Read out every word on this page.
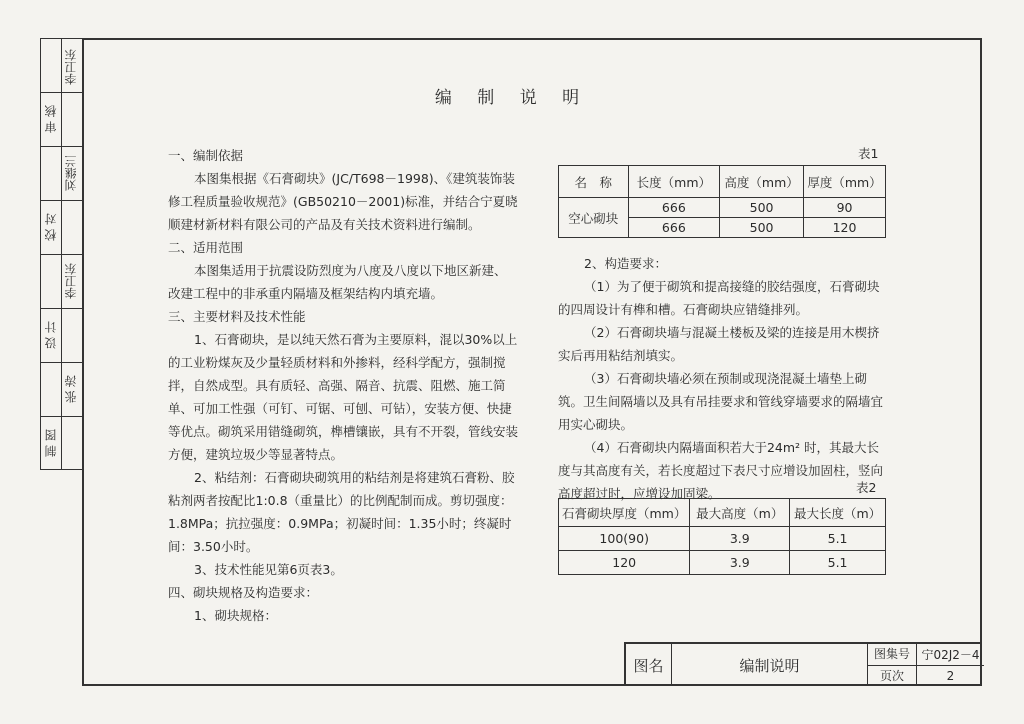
李卫东
审 核
刘继兰
校 对
李卫东
设 计
张 涛
制 图
编 制 说 明

一、编制依据

本图集根据《石膏砌块》(JC/T698－1998)、《建筑装饰装修工程质量验收规范》(GB50210－2001)标准，并结合宁夏晓顺建材新材料有限公司的产品及有关技术资料进行编制。

二、适用范围

本图集适用于抗震设防烈度为八度及八度以下地区新建、改建工程中的非承重内隔墙及框架结构内填充墙。

三、主要材料及技术性能

1、石膏砌块，是以纯天然石膏为主要原料，混以30%以上的工业粉煤灰及少量轻质材料和外掺料，经科学配方，强制搅拌，自然成型。具有质轻、高强、隔音、抗震、阻燃、施工简单、可加工性强（可钉、可锯、可刨、可钻），安装方便、快捷等优点。砌筑采用错缝砌筑，榫槽镶嵌，具有不开裂，管线安装方便，建筑垃圾少等显著特点。

2、粘结剂：石膏砌块砌筑用的粘结剂是将建筑石膏粉、胶粘剂两者按配比1:0.8（重量比）的比例配制而成。剪切强度：1.8MPa；抗拉强度：0.9MPa；初凝时间：1.35小时；终凝时间：3.50小时。

3、技术性能见第6页表3。

四、砌块规格及构造要求：

1、砌块规格：

表1
名　称	长度（mm）	高度（mm）	厚度（mm）
空心砌块	666	500	90
	666	500	120

2、构造要求：

（1）为了便于砌筑和提高接缝的胶结强度，石膏砌块的四周设计有榫和槽。石膏砌块应错缝排列。

（2）石膏砌块墙与混凝土楼板及梁的连接是用木楔挤实后再用粘结剂填实。

（3）石膏砌块墙必须在预制或现浇混凝土墙垫上砌筑。卫生间隔墙以及具有吊挂要求和管线穿墙要求的隔墙宜用实心砌块。

（4）石膏砌块内隔墙面积若大于24m² 时，其最大长度与其高度有关，若长度超过下表尺寸应增设加固柱，竖向高度超过时，应增设加固梁。	表2
石膏砌块厚度（mm）	最大高度（m）	最大长度（m）
100(90)	3.9	5.1
120	3.9	5.1
图名	编制说明
图集号 宁02J2－4
页次	2
